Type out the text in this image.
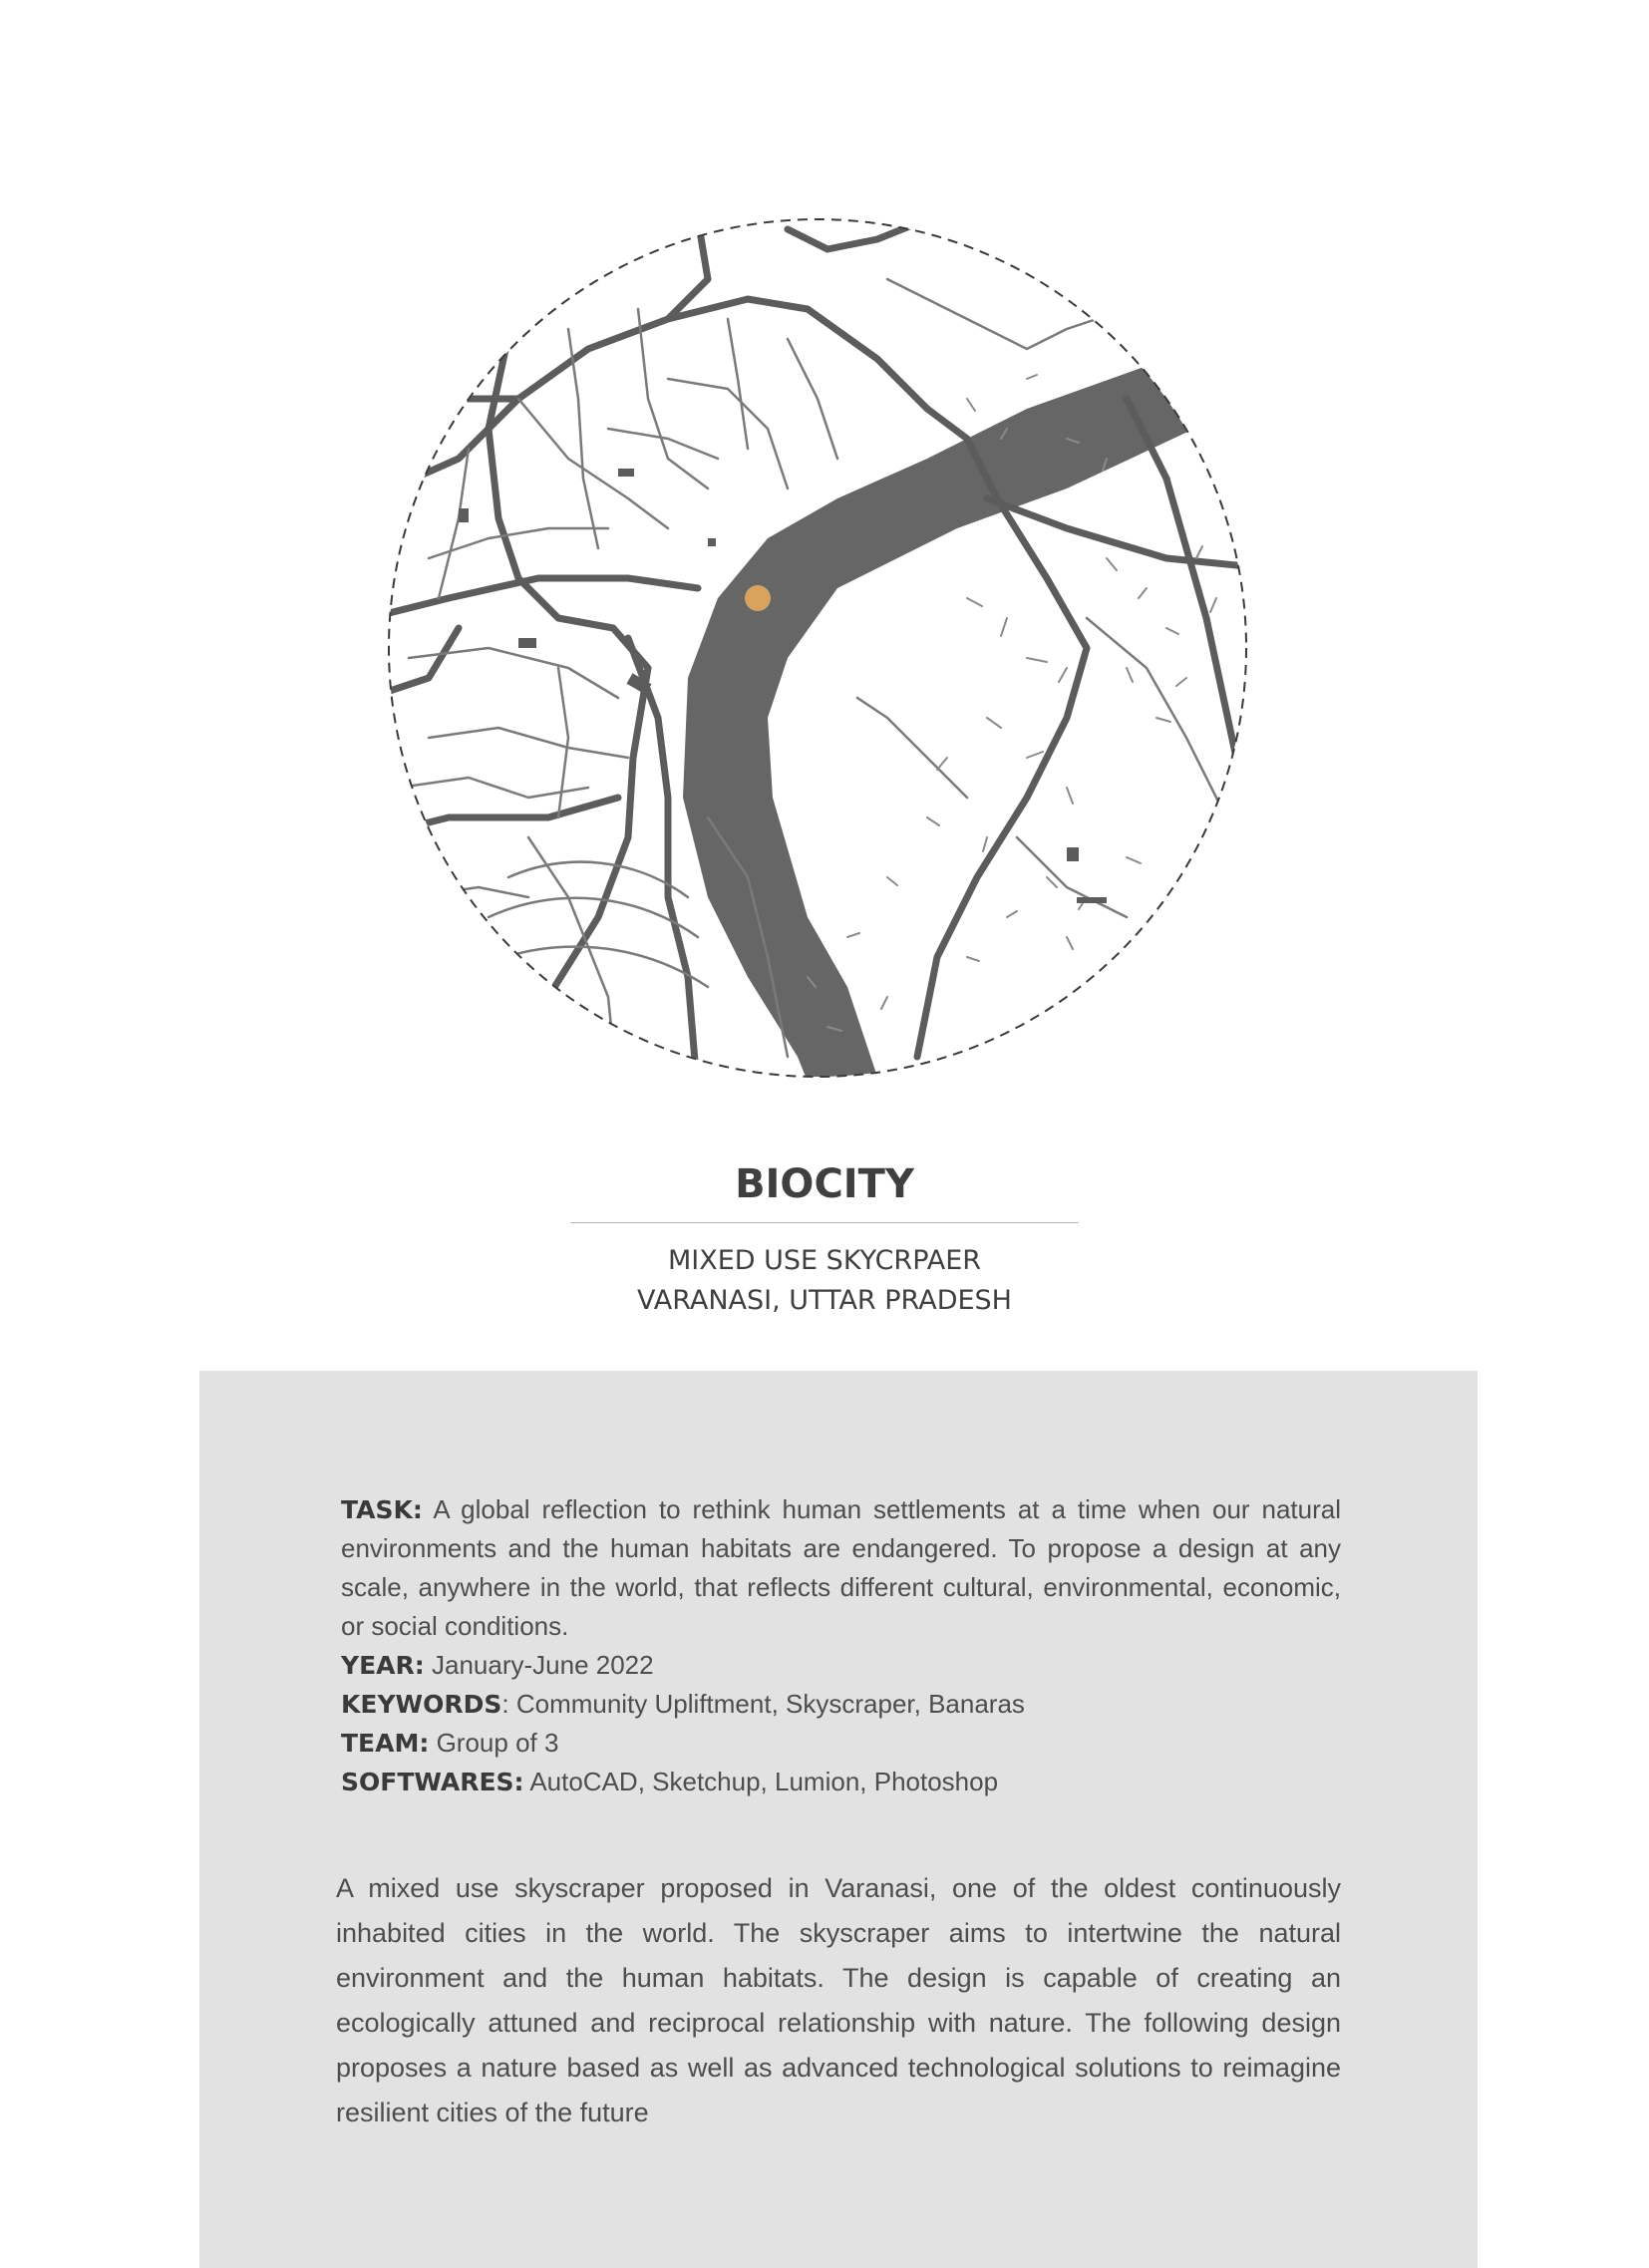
BIOCITY
MIXED USE SKYCRPAER
VARANASI, UTTAR PRADESH
TASK: A global reflection to rethink human settlements at a time when our natural environments and the human habitats are endangered. To propose a design at any scale, anywhere in the world, that reflects different cultural, environmental, economic, or social conditions.
YEAR: January-June 2022
KEYWORDS: Community Upliftment, Skyscraper, Banaras
TEAM: Group of 3
SOFTWARES: AutoCAD, Sketchup, Lumion, Photoshop

A mixed use skyscraper proposed in Varanasi, one of the oldest continuously inhabited cities in the world. The skyscraper aims to intertwine the natural environment and the human habitats. The design is capable of creating an ecologically attuned and reciprocal relationship with nature. The following design proposes a nature based as well as advanced technological solutions to reimagine resilient cities of the future
